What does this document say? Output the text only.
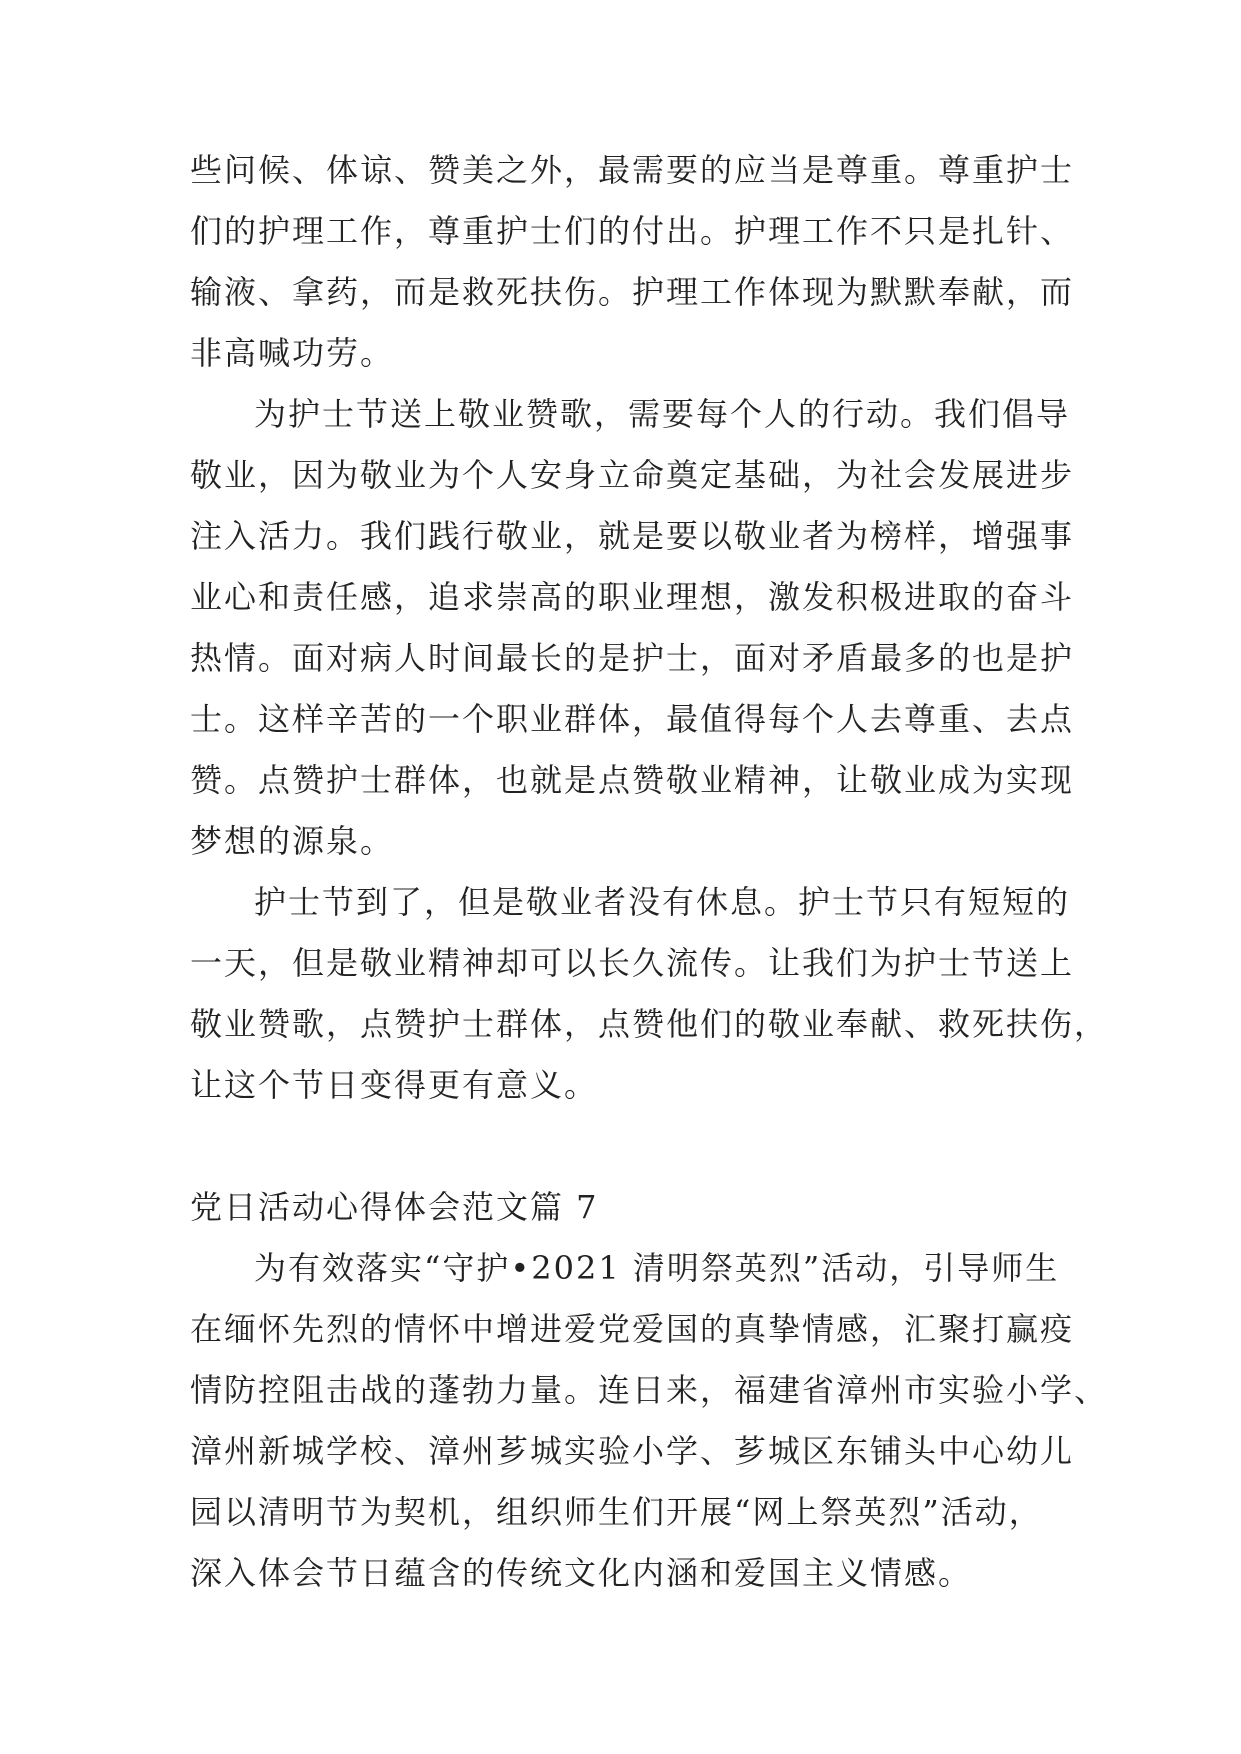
些问候、体谅、赞美之外，最需要的应当是尊重。尊重护士
们的护理工作，尊重护士们的付出。护理工作不只是扎针、
输液、拿药，而是救死扶伤。护理工作体现为默默奉献，而
非高喊功劳。
为护士节送上敬业赞歌，需要每个人的行动。我们倡导
敬业，因为敬业为个人安身立命奠定基础，为社会发展进步
注入活力。我们践行敬业，就是要以敬业者为榜样，增强事
业心和责任感，追求崇高的职业理想，激发积极进取的奋斗
热情。面对病人时间最长的是护士，面对矛盾最多的也是护
士。这样辛苦的一个职业群体，最值得每个人去尊重、去点
赞。点赞护士群体，也就是点赞敬业精神，让敬业成为实现
梦想的源泉。
护士节到了，但是敬业者没有休息。护士节只有短短的
一天，但是敬业精神却可以长久流传。让我们为护士节送上
敬业赞歌，点赞护士群体，点赞他们的敬业奉献、救死扶伤，
让这个节日变得更有意义。
党日活动心得体会范文篇 7
为有效落实“守护•2021 清明祭英烈”活动，引导师生
在缅怀先烈的情怀中增进爱党爱国的真挚情感，汇聚打赢疫
情防控阻击战的蓬勃力量。连日来，福建省漳州市实验小学、
漳州新城学校、漳州芗城实验小学、芗城区东铺头中心幼儿
园以清明节为契机，组织师生们开展“网上祭英烈”活动，
深入体会节日蕴含的传统文化内涵和爱国主义情感。
